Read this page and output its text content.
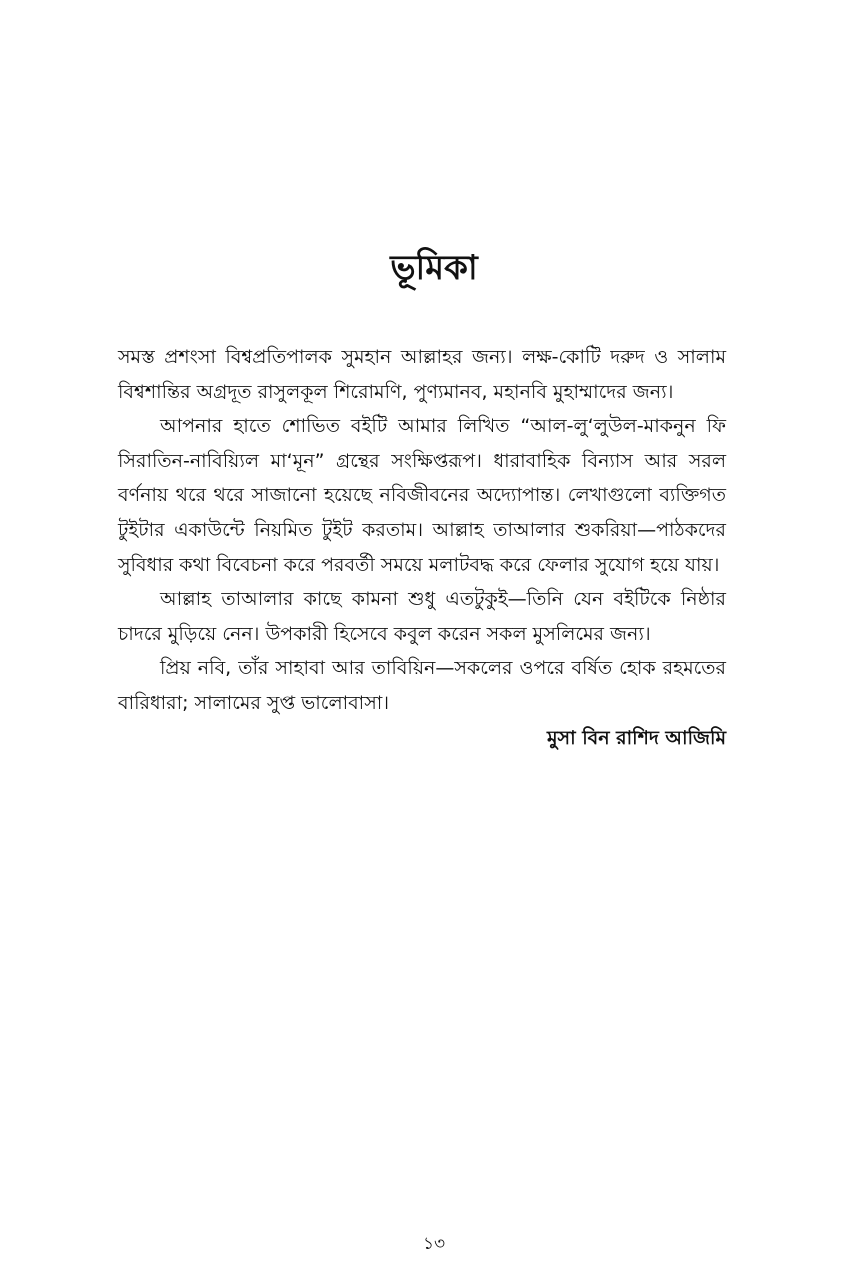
ভূমিকা

সমস্ত প্রশংসা বিশ্বপ্রতিপালক সুমহান আল্লাহর জন্য। লক্ষ-কোটি দরুদ ও সালাম বিশ্বশান্তির অগ্রদূত রাসুলকূল শিরোমণি, পুণ্যমানব, মহানবি মুহাম্মাদের জন্য।

আপনার হাতে শোভিত বইটি আমার লিখিত “আল-লু‘লুউল-মাকনুন ফি সিরাতিন-নাবিয়্যিল মা‘মূন” গ্রন্থের সংক্ষিপ্তরূপ। ধারাবাহিক বিন্যাস আর সরল বর্ণনায় থরে থরে সাজানো হয়েছে নবিজীবনের অদ্যোপান্ত। লেখাগুলো ব্যক্তিগত টুইটার একাউন্টে নিয়মিত টুইট করতাম। আল্লাহ তাআলার শুকরিয়া—পাঠকদের সুবিধার কথা বিবেচনা করে পরবর্তী সময়ে মলাটবদ্ধ করে ফেলার সুযোগ হয়ে যায়।

আল্লাহ তাআলার কাছে কামনা শুধু এতটুকুই—তিনি যেন বইটিকে নিষ্ঠার চাদরে মুড়িয়ে নেন। উপকারী হিসেবে কবুল করেন সকল মুসলিমের জন্য।

প্রিয় নবি, তাঁর সাহাবা আর তাবিয়িন—সকলের ওপরে বর্ষিত হোক রহমতের বারিধারা; সালামের সুপ্ত ভালোবাসা।

মুসা বিন রাশিদ আজিমি

১৩
